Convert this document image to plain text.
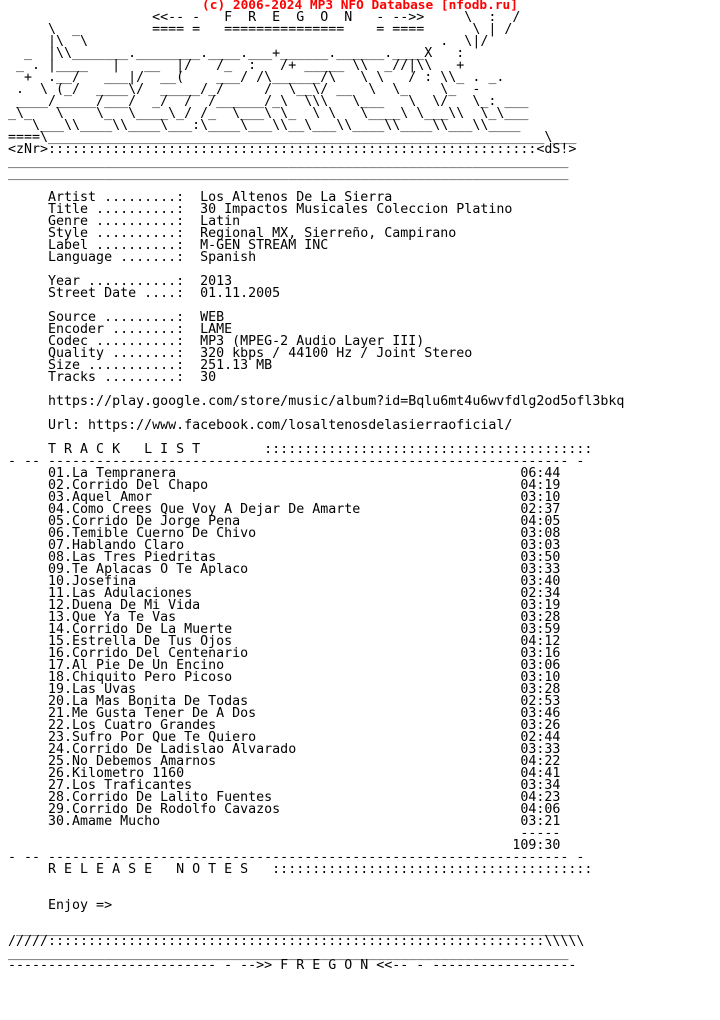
(c) 2006-2024 MP3 NFO Database [nfodb.ru]
<<-- -   F  R  E  G  O  N   - -->>     \  :  /
\  _         ==== =   ===============    = ====      \ | /
|\  \                                            .  \|/
_  |\\_______.________.____.___+______.______.____X   :
_ . |____   |   __  |/   /_  :   /+ _____ \\  _//|\\   +
+  .__/   ___|/  __(    ___/ /\______/\   \ \   / : \\_ . _.
.  \ (_/  ____\/  _____/_/     /  \__\/ __  \  \_    \_  -
____/_____/___/  _/  /  /______/_\  \\\   \___   \  \/   \_: ___
_\_   \    \_  \____\_/ /_  \___\ \_  \ \   \____\ \___\\  \_\___
\___\\____\\____\___:\____\___\\__\___\\____\\____\\___\\____
====\______________________________________________________________\___
<zNr>:::::::::::::::::::::::::::::::::::::::::::::::::::::::::::::<dS!>
______________________________________________________________________
______________________________________________________________________

Artist .........:  Los Altenos De La Sierra
Title ..........:  30 Impactos Musicales Coleccion Platino
Genre ..........:  Latin
Style ..........:  Regional MX, Sierreño, Campirano
Label ..........:  M-GEN STREAM INC
Language .......:  Spanish

Year ...........:  2013
Street Date ....:  01.11.2005

Source .........:  WEB
Encoder ........:  LAME
Codec ..........:  MP3 (MPEG-2 Audio Layer III)
Quality ........:  320 kbps / 44100 Hz / Joint Stereo
Size ...........:  251.13 MB
Tracks .........:  30

https://play.google.com/store/music/album?id=Bqlu6mt4u6wvfdlg2od5ofl3bkq

Url: https://www.facebook.com/losaltenosdelasierraoficial/

T R A C K   L I S T        :::::::::::::::::::::::::::::::::::::::::
- -- ----------------------------------------------------------------- -
01.La Tempranera                                           06:44
02.Corrido Del Chapo                                       04:19
03.Aquel Amor                                              03:10
04.Como Crees Que Voy A Dejar De Amarte                    02:37
05.Corrido De Jorge Pena                                   04:05
06.Temible Cuerno De Chivo                                 03:08
07.Hablando Claro                                          03:03
08.Las Tres Piedritas                                      03:50
09.Te Aplacas O Te Aplaco                                  03:33
10.Josefina                                                03:40
11.Las Adulaciones                                         02:34
12.Duena De Mi Vida                                        03:19
13.Que Ya Te Vas                                           03:28
14.Corrido De La Muerte                                    03:59
15.Estrella De Tus Ojos                                    04:12
16.Corrido Del Centenario                                  03:16
17.Al Pie De Un Encino                                     03:06
18.Chiquito Pero Picoso                                    03:10
19.Las Uvas                                                03:28
20.La Mas Bonita De Todas                                  02:53
21.Me Gusta Tener De A Dos                                 03:46
22.Los Cuatro Grandes                                      03:26
23.Sufro Por Que Te Quiero                                 02:44
24.Corrido De Ladislao Alvarado                            03:33
25.No Debemos Amarnos                                      04:22
26.Kilometro 1160                                          04:41
27.Los Traficantes                                         03:34
28.Corrido De Lalito Fuentes                               04:23
29.Corrido De Rodolfo Cavazos                              04:06
30.Amame Mucho                                             03:21
-----
109:30
- -- ----------------------------------------------------------------- -
R E L E A S E   N O T E S   ::::::::::::::::::::::::::::::::::::::::

Enjoy =>

______________________________________________________________________
/////::::::::::::::::::::::::::::::::::::::::::::::::::::::::::::::\\\\\
______________________________________________________________________
-------------------------- - -->> F R E G O N <<-- - ------------------
